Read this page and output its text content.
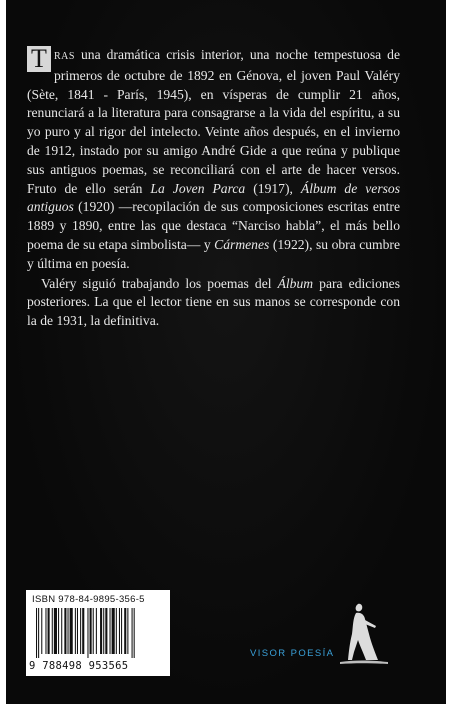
T RAS una dramática crisis interior, una noche tempestuosa de primeros de octubre de 1892 en Génova, el joven Paul Valéry (Sète, 1841 - París, 1945), en vísperas de cumplir 21 años, renunciará a la literatura para consagrarse a la vida del espíritu, a su yo puro y al rigor del intelecto. Veinte años después, en el invierno de 1912, instado por su amigo André Gide a que reúna y publique sus antiguos poemas, se reconciliará con el arte de hacer versos. Fruto de ello serán La Joven Parca (1917), Álbum de versos antiguos (1920) —recopilación de sus composiciones escritas entre 1889 y 1890, entre las que destaca “Narciso habla”, el más bello poema de su etapa simbolista— y Cármenes (1922), su obra cumbre y última en poesía.

Valéry siguió trabajando los poemas del Álbum para ediciones posteriores. La que el lector tiene en sus manos se corresponde con la de 1931, la definitiva.

ISBN 978-84-9895-356-5
9 788498 953565
VISOR POESÍA
